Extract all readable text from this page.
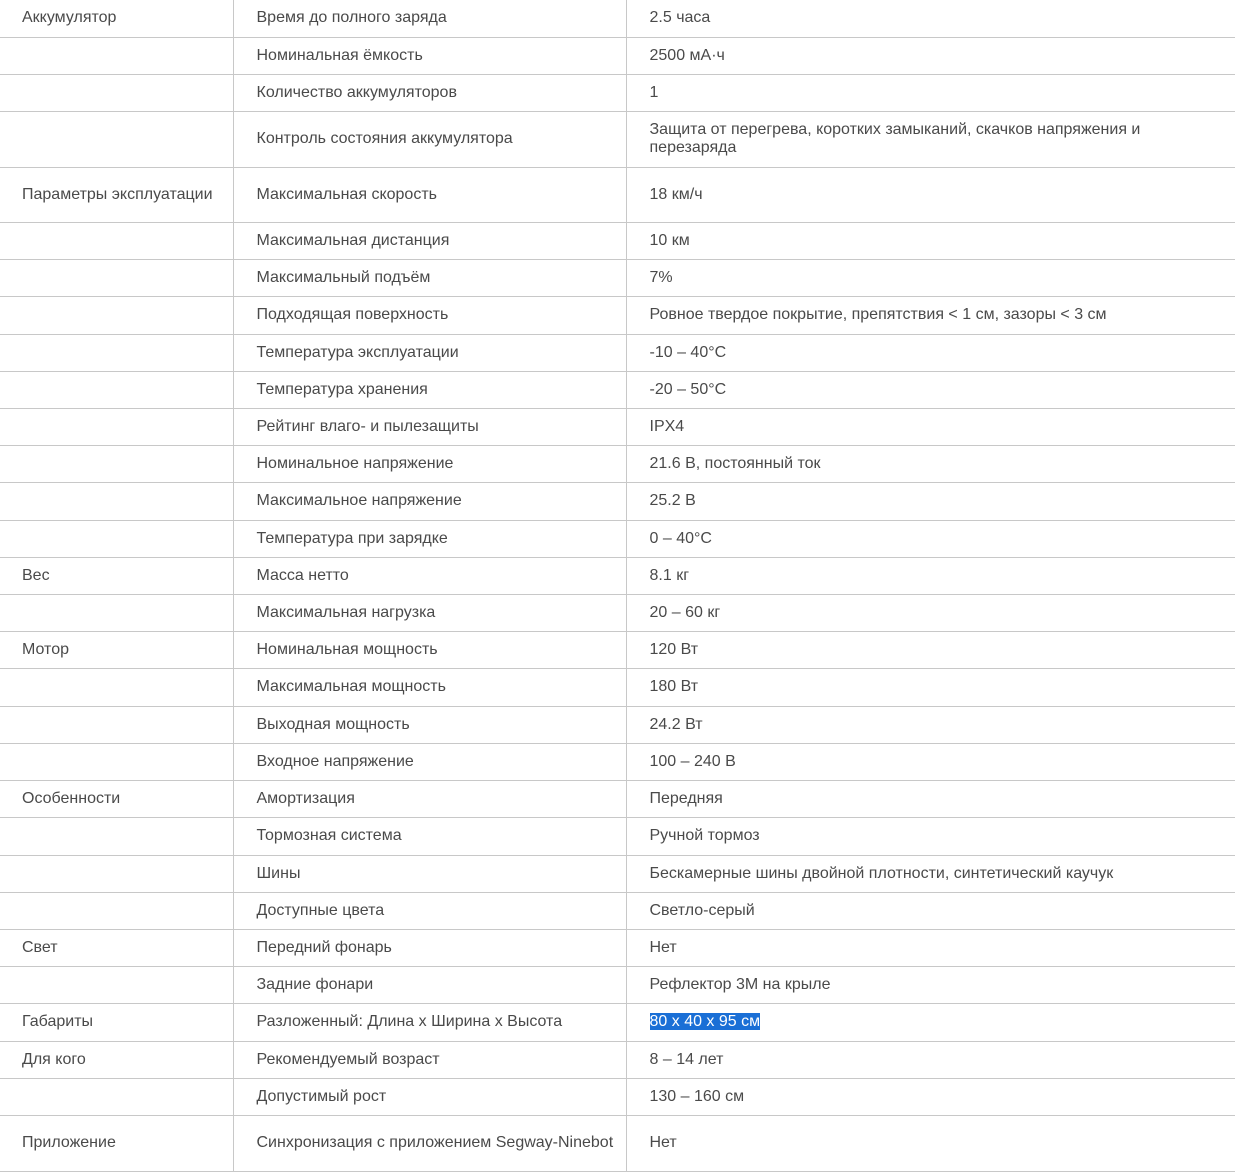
Аккумулятор	Время до полного заряда	2.5 часа
	Номинальная ёмкость	2500 мА·ч
	Количество аккумуляторов	1
	Контроль состояния аккумулятора	Защита от перегрева, коротких замыканий, скачков напряжения и перезаряда
Параметры эксплуатации	Максимальная скорость	18 км/ч
	Максимальная дистанция	10 км
	Максимальный подъём	7%
	Подходящая поверхность	Ровное твердое покрытие, препятствия < 1 см, зазоры < 3 см
	Температура эксплуатации	-10 – 40°C
	Температура хранения	-20 – 50°C
	Рейтинг влаго- и пылезащиты	IPX4
	Номинальное напряжение	21.6 В, постоянный ток
	Максимальное напряжение	25.2 В
	Температура при зарядке	0 – 40°C
Вес	Масса нетто	8.1 кг
	Максимальная нагрузка	20 – 60 кг
Мотор	Номинальная мощность	120 Вт
	Максимальная мощность	180 Вт
	Выходная мощность	24.2 Вт
	Входное напряжение	100 – 240 В
Особенности	Амортизация	Передняя
	Тормозная система	Ручной тормоз
	Шины	Бескамерные шины двойной плотности, синтетический каучук
	Доступные цвета	Светло-серый
Свет	Передний фонарь	Нет
	Задние фонари	Рефлектор 3M на крыле
Габариты	Разложенный: Длина x Ширина x Высота	80 x 40 x 95 см
Для кого	Рекомендуемый возраст	8 – 14 лет
	Допустимый рост	130 – 160 см
Приложение	Синхронизация с приложением Segway-Ninebot	Нет
